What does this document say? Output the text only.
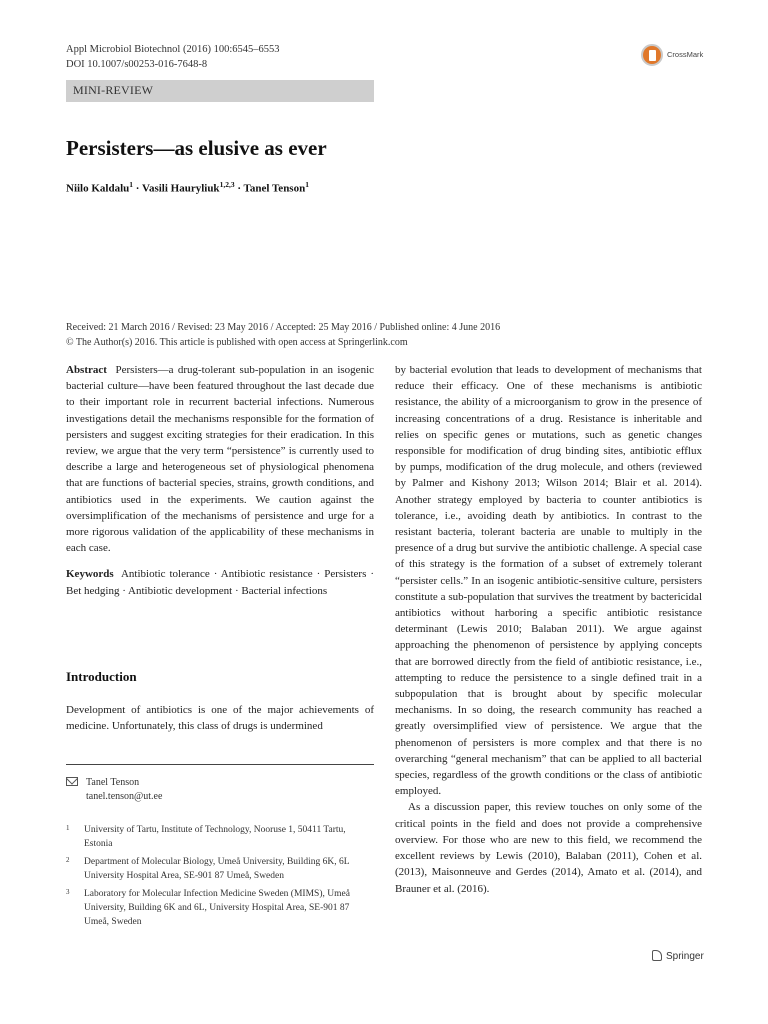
Appl Microbiol Biotechnol (2016) 100:6545–6553
DOI 10.1007/s00253-016-7648-8
CrossMark
MINI-REVIEW
Persisters—as elusive as ever
Niilo Kaldalu$^1$ · Vasili Hauryliuk$^{1,2,3}$ · Tanel Tenson$^1$
Received: 21 March 2016 / Revised: 23 May 2016 / Accepted: 25 May 2016 / Published online: 4 June 2016
© The Author(s) 2016. This article is published with open access at Springerlink.com

Abstract Persisters—a drug-tolerant sub-population in an isogenic bacterial culture—have been featured throughout the last decade due to their important role in recurrent bacterial infections. Numerous investigations detail the mechanisms responsible for the formation of persisters and suggest exciting strategies for their eradication. In this review, we argue that the very term “persistence” is currently used to describe a large and heterogeneous set of physiological phenomena that are functions of bacterial species, strains, growth conditions, and antibiotics used in the experiments. We caution against the oversimplification of the mechanisms of persistence and urge for a more rigorous validation of the applicability of these mechanisms in each case.

Keywords Antibiotic tolerance · Antibiotic resistance · Persisters · Bet hedging · Antibiotic development · Bacterial infections

Introduction

Development of antibiotics is one of the major achievements of medicine. Unfortunately, this class of drugs is undermined

Tanel Tenson
tanel.tenson@ut.ee
1 University of Tartu, Institute of Technology, Nooruse 1, 50411 Tartu, Estonia
2 Department of Molecular Biology, Umeå University, Building 6K, 6L University Hospital Area, SE-901 87 Umeå, Sweden
3 Laboratory for Molecular Infection Medicine Sweden (MIMS), Umeå University, Building 6K and 6L, University Hospital Area, SE-901 87 Umeå, Sweden

by bacterial evolution that leads to development of mechanisms that reduce their efficacy. One of these mechanisms is antibiotic resistance, the ability of a microorganism to grow in the presence of increasing concentrations of a drug. Resistance is inheritable and relies on specific genes or mutations, such as genetic changes responsible for modification of drug binding sites, antibiotic efflux by pumps, modification of the drug molecule, and others (reviewed by Palmer and Kishony 2013; Wilson 2014; Blair et al. 2014). Another strategy employed by bacteria to counter antibiotics is tolerance, i.e., avoiding death by antibiotics. In contrast to the resistant bacteria, tolerant bacteria are unable to multiply in the presence of a drug but survive the antibiotic challenge. A special case of this strategy is the formation of a subset of extremely tolerant “persister cells.” In an isogenic antibiotic-sensitive culture, persisters constitute a sub-population that survives the treatment by bactericidal antibiotics without harboring a specific antibiotic resistance determinant (Lewis 2010; Balaban 2011). We argue against approaching the phenomenon of persistence by applying concepts that are borrowed directly from the field of antibiotic resistance, i.e., attempting to reduce the persistence to a single defined trait in a subpopulation that is brought about by specific molecular mechanisms. In so doing, the research community has reached a greatly oversimplified view of persistence. We argue that the phenomenon of persisters is more complex and that there is no overarching “general mechanism” that can be applied to all bacterial species, regardless of the growth conditions or the class of antibiotic employed.

As a discussion paper, this review touches on only some of the critical points in the field and does not provide a comprehensive overview. For those who are new to this field, we recommend the excellent reviews by Lewis (2010), Balaban (2011), Cohen et al. (2013), Maisonneuve and Gerdes (2014), Amato et al. (2014), and Brauner et al. (2016).

Springer
